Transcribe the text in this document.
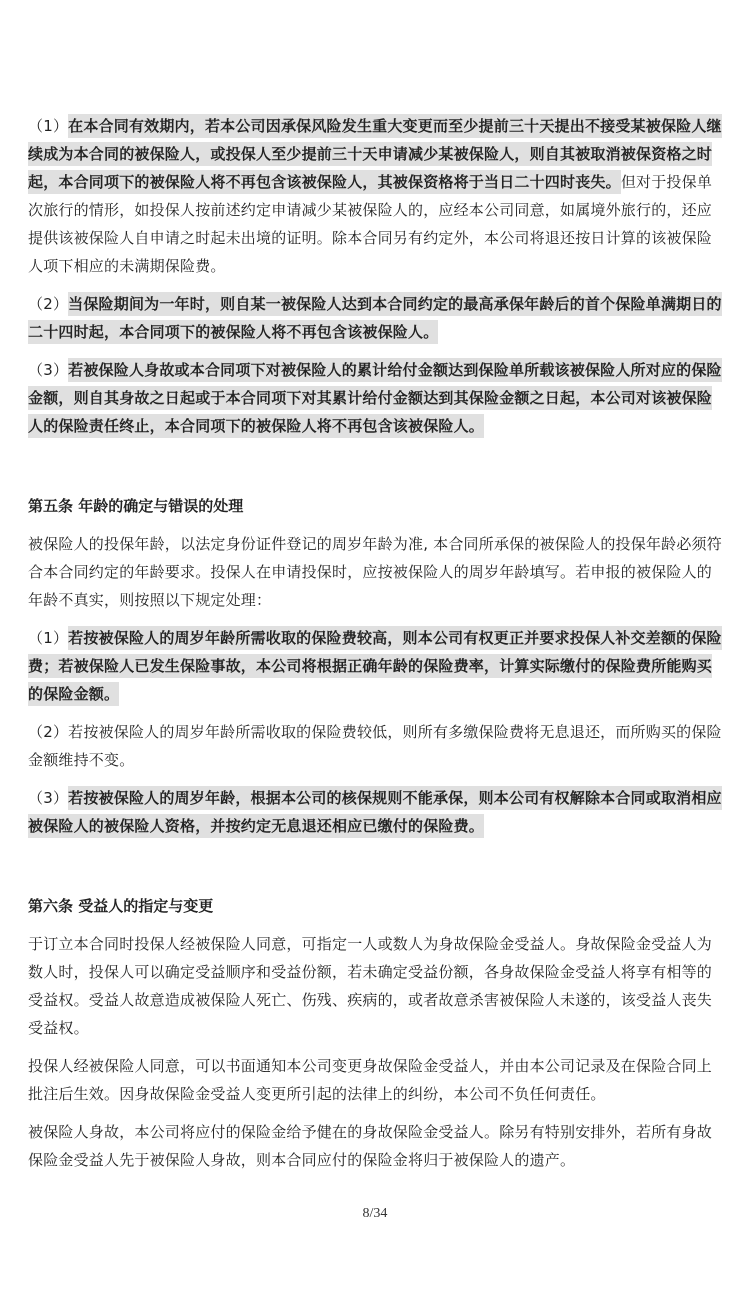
（1）在本合同有效期内，若本公司因承保风险发生重大变更而至少提前三十天提出不接受某被保险人继续成为本合同的被保险人，或投保人至少提前三十天申请减少某被保险人，则自其被取消被保资格之时起，本合同项下的被保险人将不再包含该被保险人，其被保资格将于当日二十四时丧失。但对于投保单次旅行的情形，如投保人按前述约定申请减少某被保险人的，应经本公司同意，如属境外旅行的，还应提供该被保险人自申请之时起未出境的证明。除本合同另有约定外，本公司将退还按日计算的该被保险人项下相应的未满期保险费。

（2）当保险期间为一年时，则自某一被保险人达到本合同约定的最高承保年龄后的首个保险单满期日的二十四时起，本合同项下的被保险人将不再包含该被保险人。

（3）若被保险人身故或本合同项下对被保险人的累计给付金额达到保险单所载该被保险人所对应的保险金额，则自其身故之日起或于本合同项下对其累计给付金额达到其保险金额之日起，本公司对该被保险人的保险责任终止，本合同项下的被保险人将不再包含该被保险人。

第五条 年龄的确定与错误的处理

被保险人的投保年龄，以法定身份证件登记的周岁年龄为准, 本合同所承保的被保险人的投保年龄必须符合本合同约定的年龄要求。投保人在申请投保时，应按被保险人的周岁年龄填写。若申报的被保险人的年龄不真实，则按照以下规定处理：

（1）若按被保险人的周岁年龄所需收取的保险费较高，则本公司有权更正并要求投保人补交差额的保险费；若被保险人已发生保险事故，本公司将根据正确年龄的保险费率，计算实际缴付的保险费所能购买的保险金额。

（2）若按被保险人的周岁年龄所需收取的保险费较低，则所有多缴保险费将无息退还，而所购买的保险金额维持不变。

（3）若按被保险人的周岁年龄，根据本公司的核保规则不能承保，则本公司有权解除本合同或取消相应被保险人的被保险人资格，并按约定无息退还相应已缴付的保险费。

第六条 受益人的指定与变更

于订立本合同时投保人经被保险人同意，可指定一人或数人为身故保险金受益人。身故保险金受益人为数人时，投保人可以确定受益顺序和受益份额，若未确定受益份额，各身故保险金受益人将享有相等的受益权。受益人故意造成被保险人死亡、伤残、疾病的，或者故意杀害被保险人未遂的，该受益人丧失受益权。

投保人经被保险人同意，可以书面通知本公司变更身故保险金受益人，并由本公司记录及在保险合同上批注后生效。因身故保险金受益人变更所引起的法律上的纠纷，本公司不负任何责任。

被保险人身故，本公司将应付的保险金给予健在的身故保险金受益人。除另有特别安排外，若所有身故保险金受益人先于被保险人身故，则本合同应付的保险金将归于被保险人的遗产。

8/34
